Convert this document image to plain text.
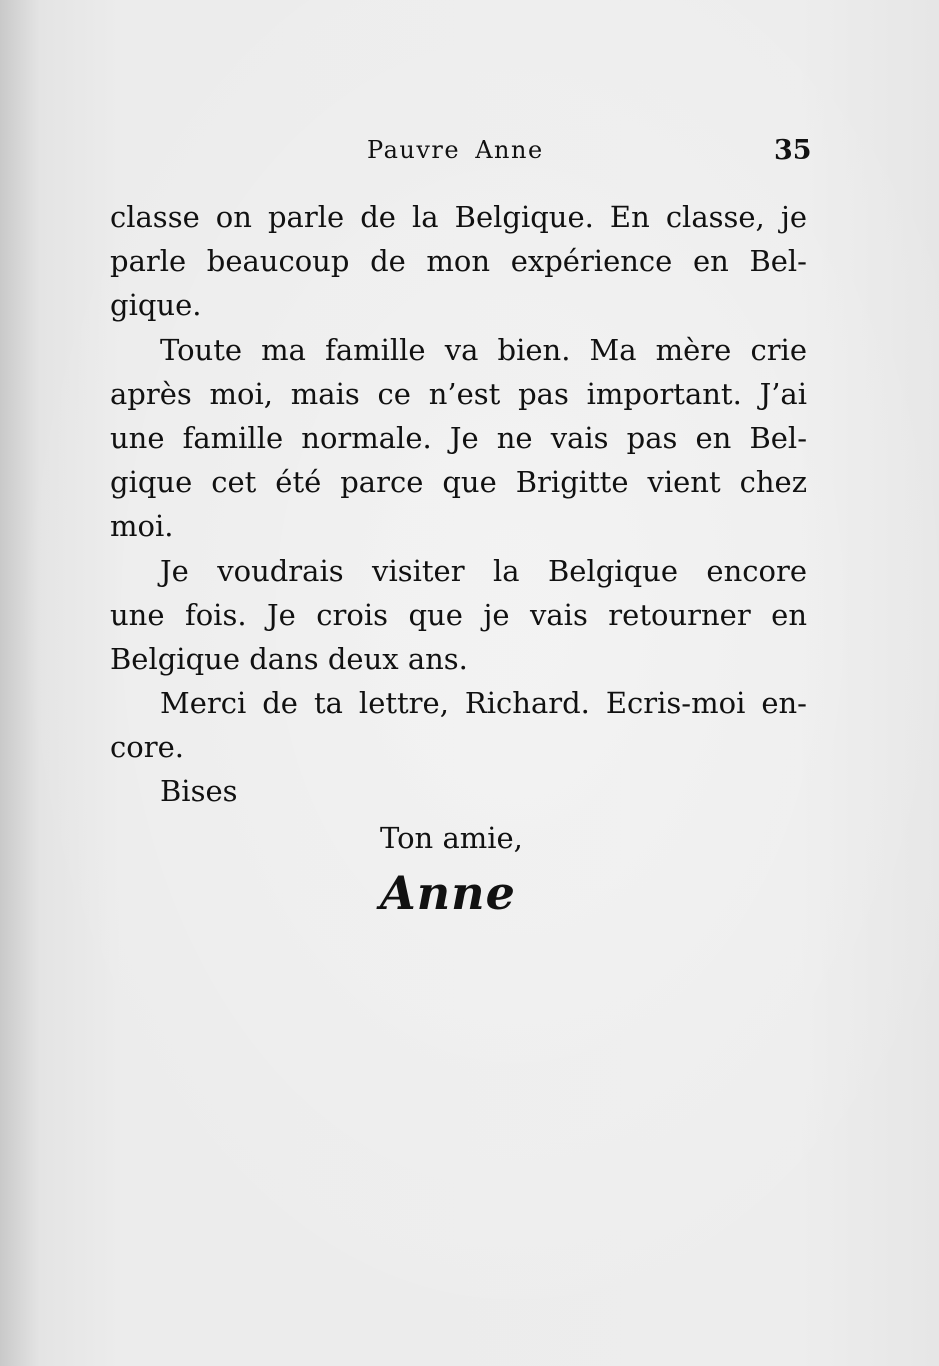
Pauvre Anne	35
classe on parle de la Belgique. En classe, je
parle beaucoup de mon expérience en Bel-
gique.
Toute ma famille va bien. Ma mère crie
après moi, mais ce n’est pas important. J’ai
une famille normale. Je ne vais pas en Bel-
gique cet été parce que Brigitte vient chez
moi.
Je voudrais visiter la Belgique encore
une fois. Je crois que je vais retourner en
Belgique dans deux ans.
Merci de ta lettre, Richard. Ecris-moi en-
core.
Bises
Ton amie,
Anne
